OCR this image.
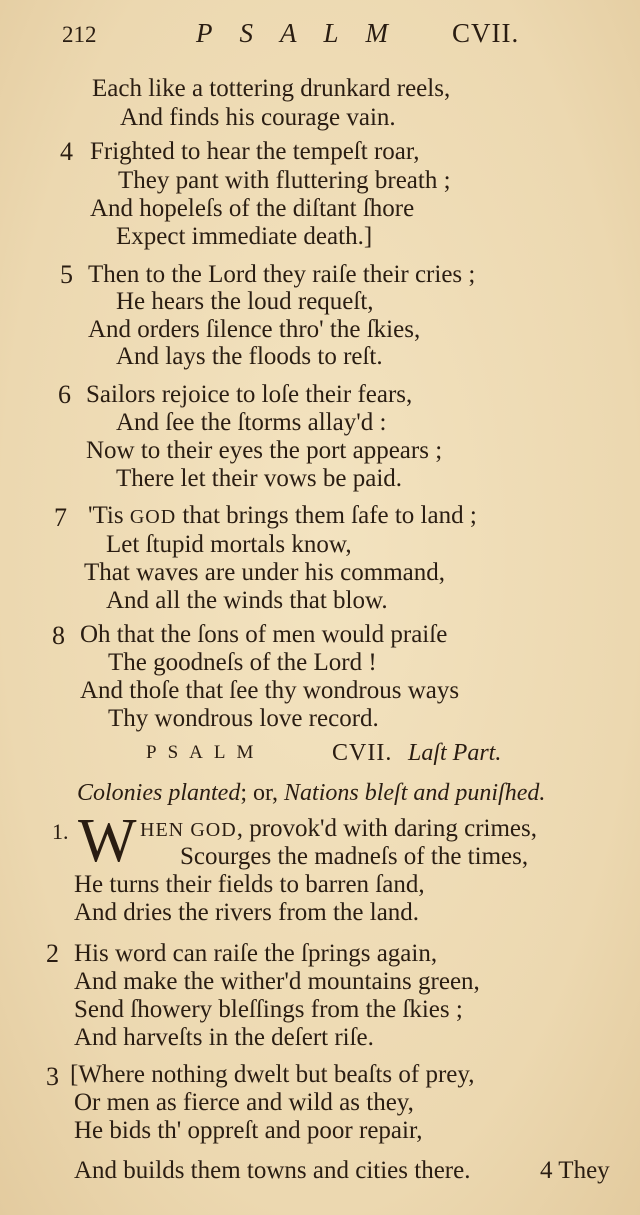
212	PSALM CVII.
Each like a tottering drunkard reels,
And finds his courage vain.
4 Frighted to hear the tempeſt roar,
They pant with fluttering breath ;
And hopeleſs of the diſtant ſhore
Expect immediate death.]
5 Then to the Lord they raiſe their cries ;
He hears the loud requeſt,
And orders ſilence thro' the ſkies,
And lays the floods to reſt.
6 Sailors rejoice to loſe their fears,
And ſee the ſtorms allay'd :
Now to their eyes the port appears ;
There let their vows be paid.
7 'Tis GOD that brings them ſafe to land ;
Let ſtupid mortals know,
That waves are under his command,
And all the winds that blow.
8 Oh that the ſons of men would praiſe
The goodneſs of the Lord !
And thoſe that ſee thy wondrous ways
Thy wondrous love record.
PSALM	CVII. Laſt Part.
Colonies planted; or, Nations bleſt and puniſhed.
1. W HEN GOD, provok'd with daring crimes,
Scourges the madneſs of the times,
He turns their fields to barren ſand,
And dries the rivers from the land.
2 His word can raiſe the ſprings again,
And make the wither'd mountains green,
Send ſhowery bleſſings from the ſkies ;
And harveſts in the deſert riſe.
3 [Where nothing dwelt but beaſts of prey,
Or men as fierce and wild as they,
He bids th' oppreſt and poor repair,
And builds them towns and cities there.	4 They
